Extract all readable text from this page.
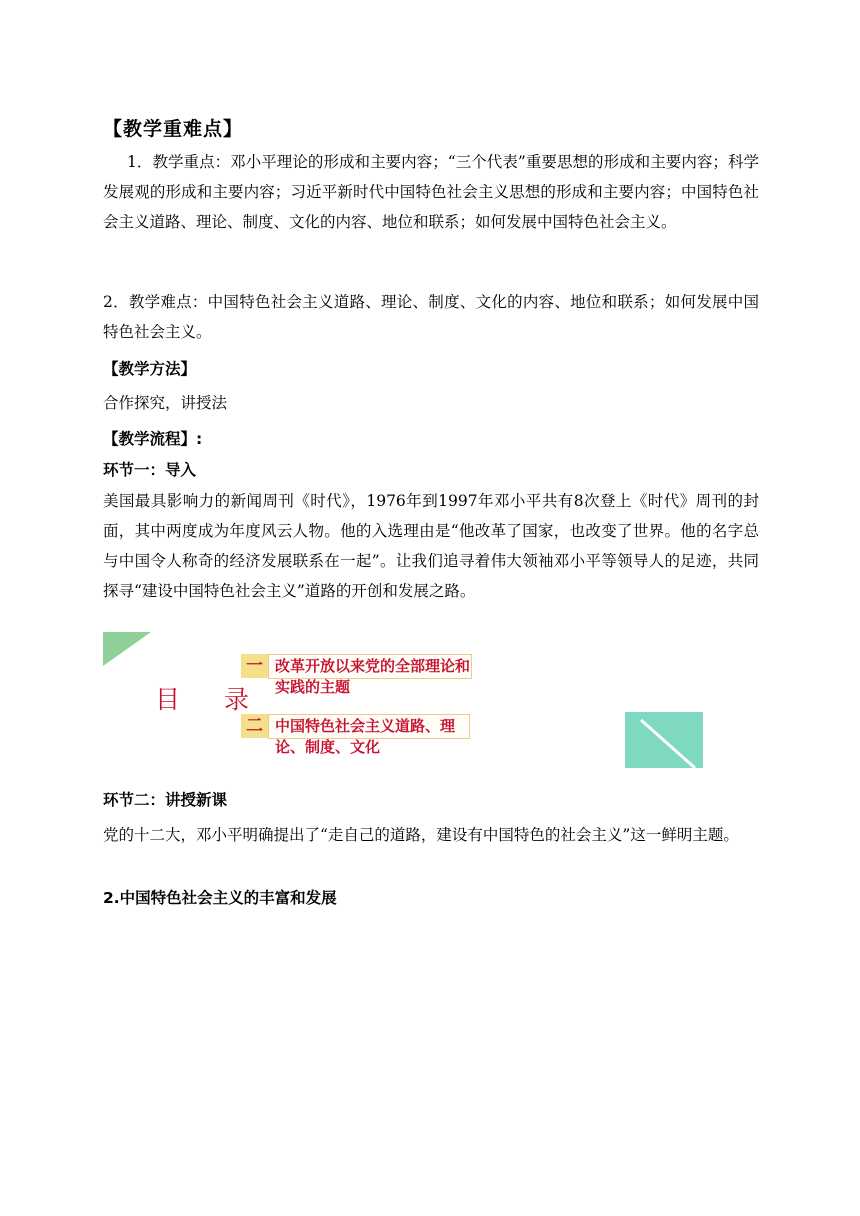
【教学重难点】
1．教学重点：邓小平理论的形成和主要内容；“三个代表”重要思想的形成和主要内容；科学发展观的形成和主要内容；习近平新时代中国特色社会主义思想的形成和主要内容；中国特色社会主义道路、理论、制度、文化的内容、地位和联系；如何发展中国特色社会主义。
2．教学难点：中国特色社会主义道路、理论、制度、文化的内容、地位和联系；如何发展中国特色社会主义。
【教学方法】
合作探究，讲授法
【教学流程】:
环节一：导入
美国最具影响力的新闻周刊《时代》，1976年到1997年邓小平共有8次登上《时代》周刊的封面，其中两度成为年度风云人物。他的入选理由是“他改革了国家，也改变了世界。他的名字总与中国令人称奇的经济发展联系在一起”。让我们追寻着伟大领袖邓小平等领导人的足迹，共同探寻“建设中国特色社会主义”道路的开创和发展之路。
目 录
一 改革开放以来党的全部理论和实践的主题
二 中国特色社会主义道路、理论、制度、文化
环节二：讲授新课
党的十二大，邓小平明确提出了“走自己的道路，建设有中国特色的社会主义”这一鲜明主题。
2.中国特色社会主义的丰富和发展
